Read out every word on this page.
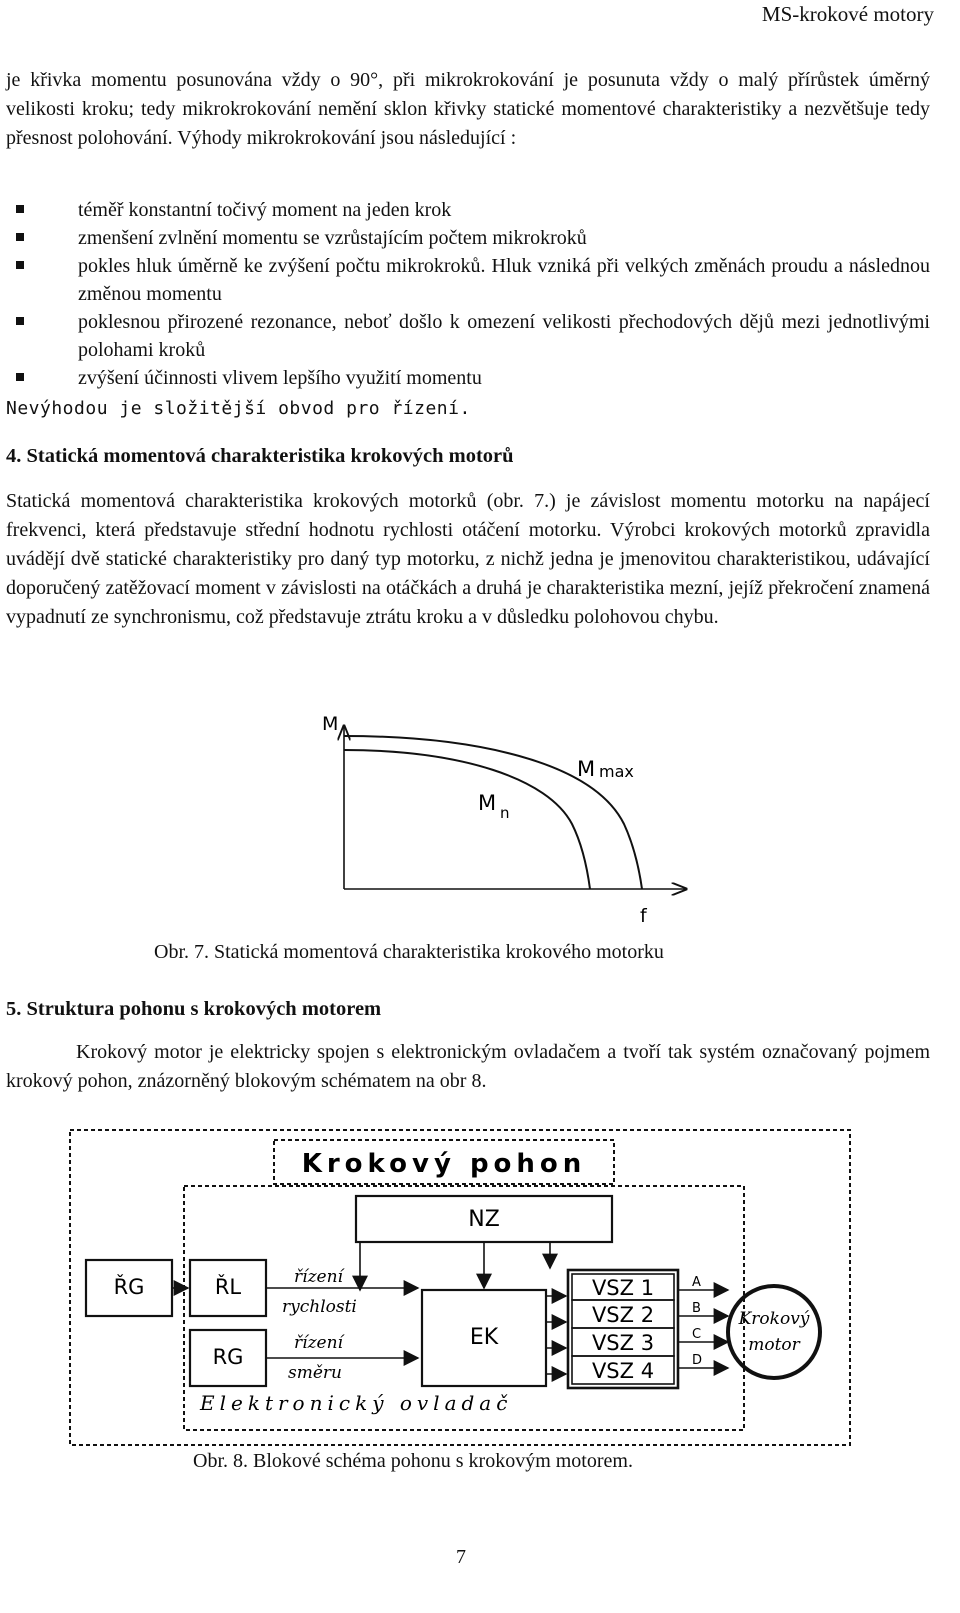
MS-krokové motory

je křivka momentu posunována vždy o 90°, při mikrokrokování je posunuta vždy o malý přírůstek úměrný velikosti kroku; tedy mikrokrokování nemění sklon křivky statické momentové charakteristiky a nezvětšuje tedy přesnost polohování. Výhody mikrokrokování jsou následující :

téměř konstantní točivý moment na jeden krok
zmenšení zvlnění momentu se vzrůstajícím počtem mikrokroků
pokles hluk úměrně ke zvýšení počtu mikrokroků. Hluk vzniká při velkých změnách proudu a následnou změnou momentu
poklesnou přirozené rezonance, neboť došlo k omezení velikosti přechodových dějů mezi jednotlivými polohami kroků
zvýšení účinnosti vlivem lepšího využití momentu
Nevýhodou je složitější obvod pro řízení.
4. Statická momentová charakteristika krokových motorů

Statická momentová charakteristika krokových motorků (obr. 7.) je závislost momentu motorku na napájecí frekvenci, která představuje střední hodnotu rychlosti otáčení motorku. Výrobci krokových motorků zpravidla uvádějí dvě statické charakteristiky pro daný typ motorku, z nichž jedna je jmenovitou charakteristikou, udávající doporučený zatěžovací moment v závislosti na otáčkách a druhá je charakteristika mezní, jejíž překročení znamená vypadnutí ze synchronismu, což představuje ztrátu kroku a v důsledku polohovou chybu.

M
f
M n
M max
Obr. 7. Statická momentová charakteristika krokového motorku
5. Struktura pohonu s krokových motorem

Krokový motor je elektricky spojen s elektronickým ovladačem a tvoří tak systém označovaný pojmem krokový pohon, znázorněný blokovým schématem na obr 8.

Krokový pohon
NZ
ŘG	ŘL
RG
řízení
rychlosti
řízení
směru
EK
VSZ 1
VSZ 2
VSZ 3
VSZ 4
A
B
C
D
Krokový
motor
Elektronický ovladač
Obr. 8. Blokové schéma pohonu s krokovým motorem.
7
